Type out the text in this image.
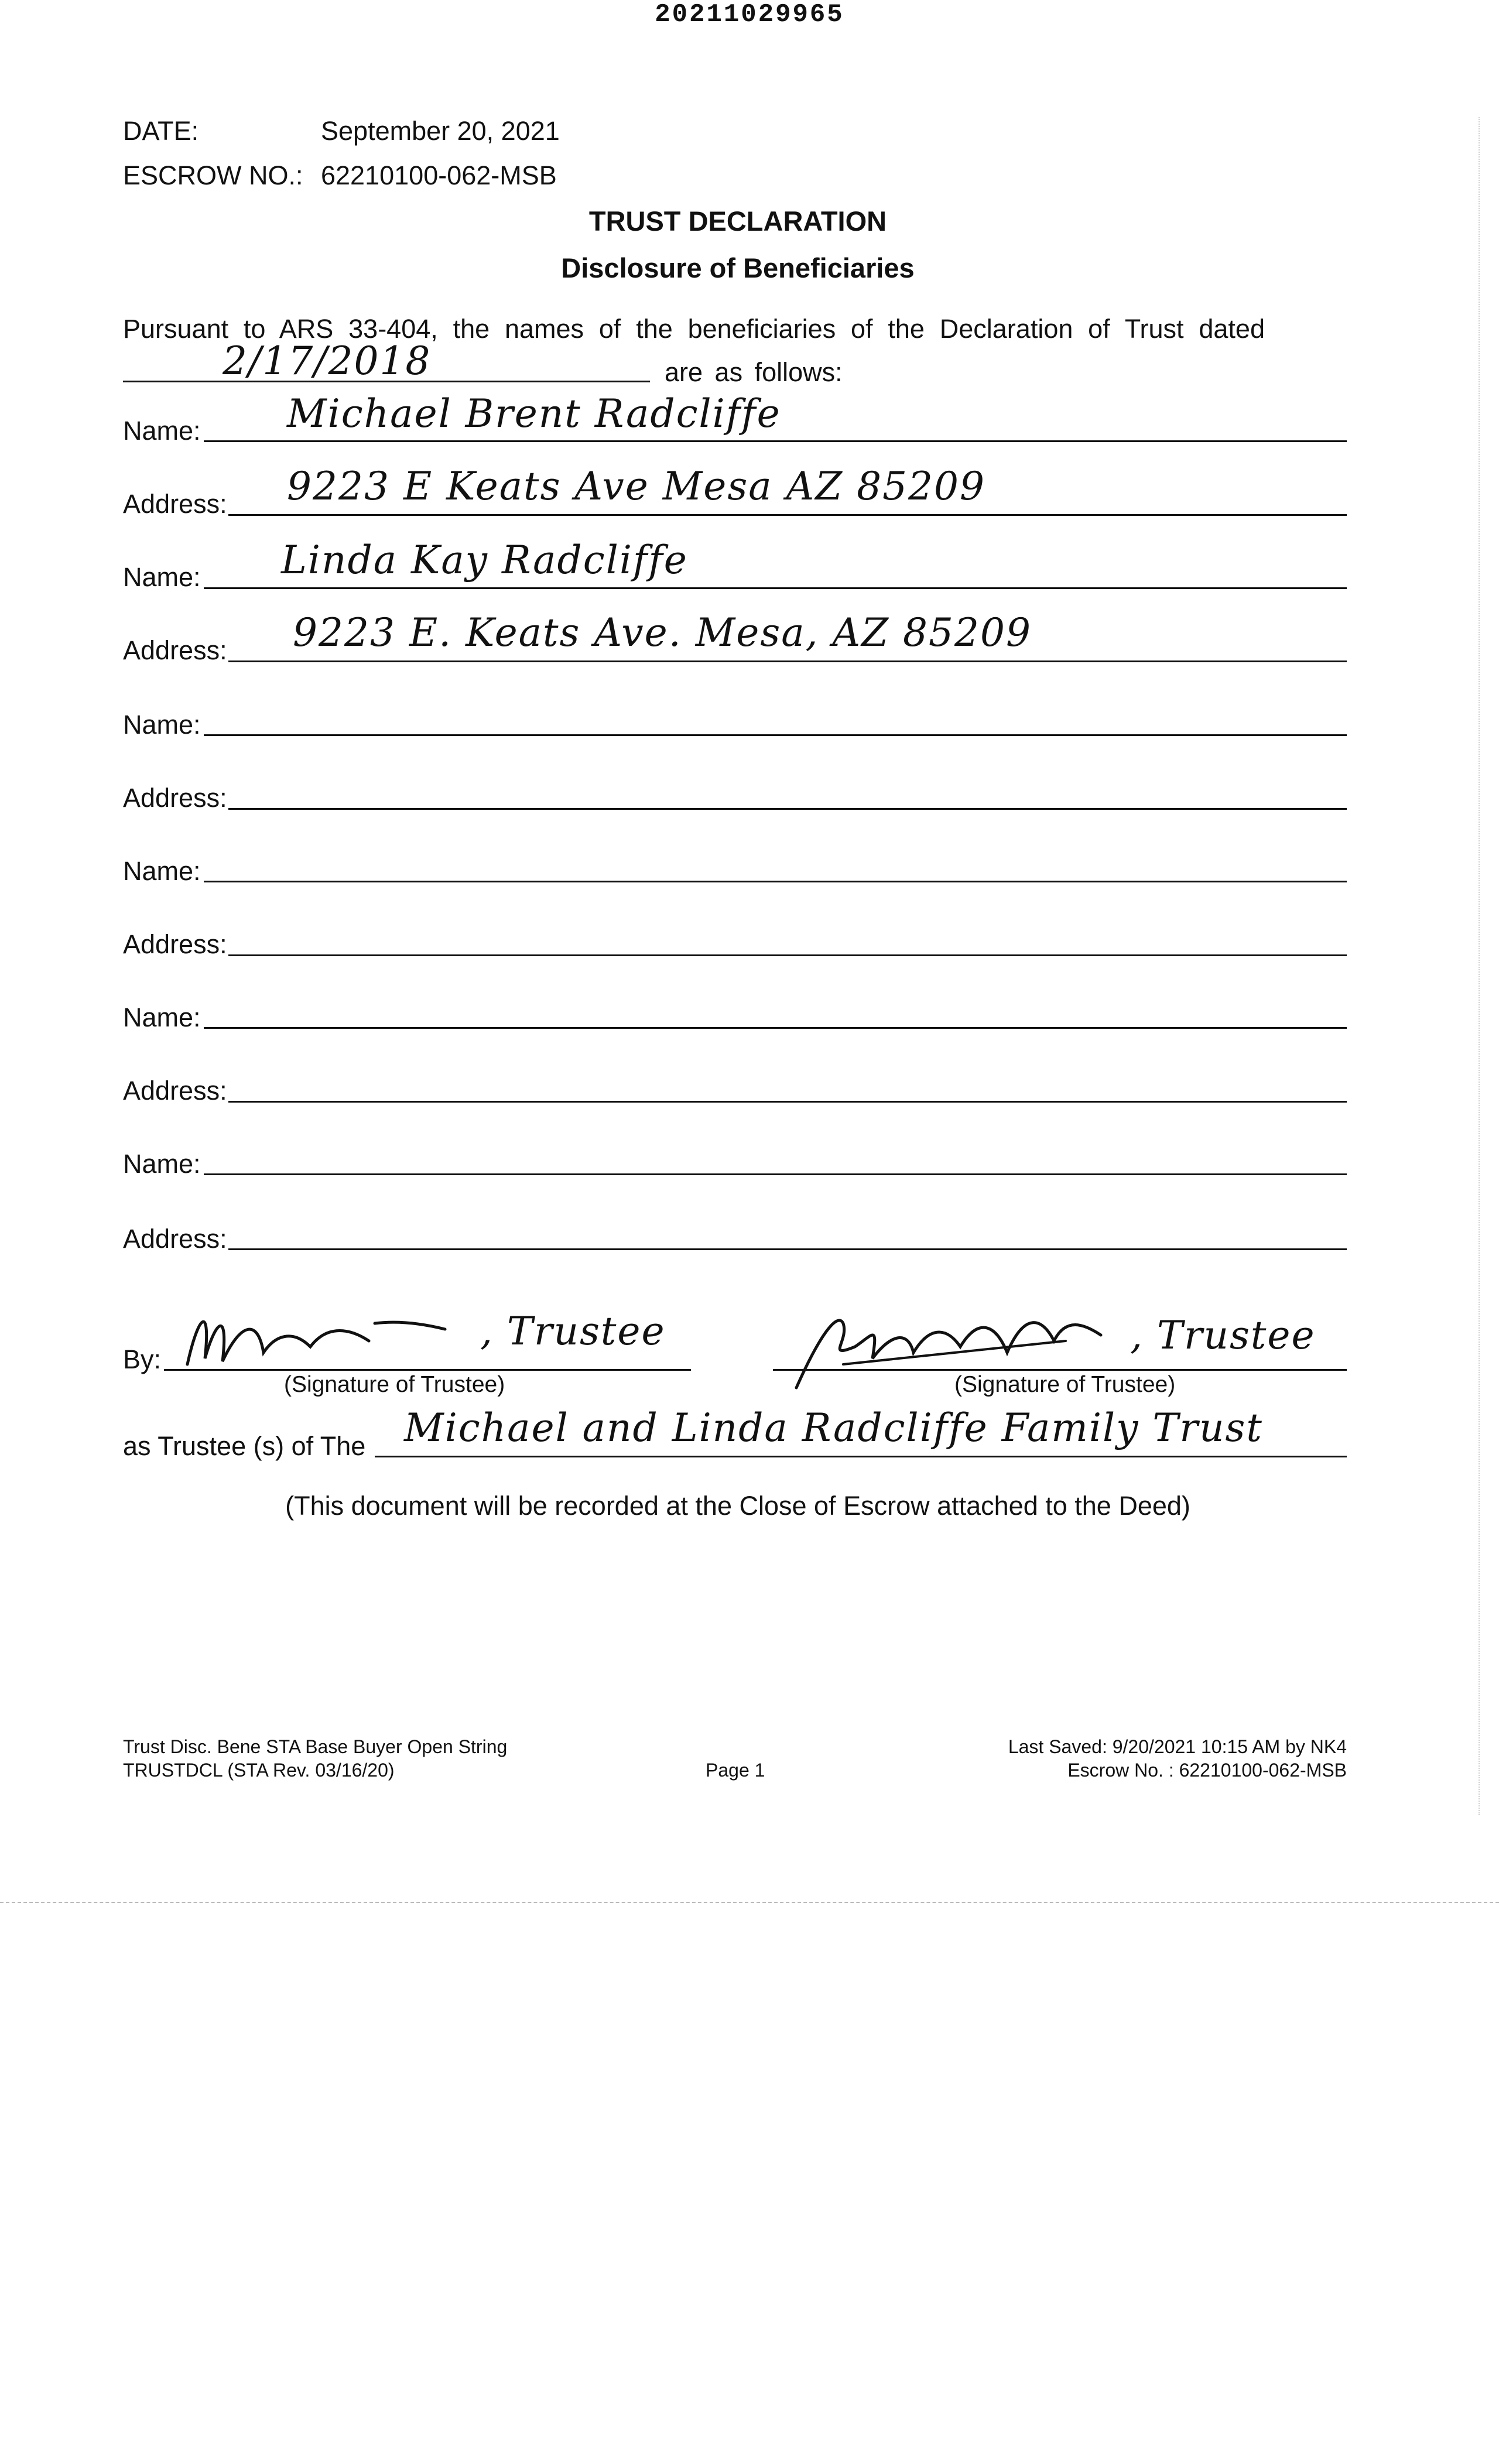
20211029965
DATE:	September 20, 2021
ESCROW NO.: 62210100-062-MSB
TRUST DECLARATION
Disclosure of Beneficiaries
Pursuant to ARS 33-404, the names of the beneficiaries of the Declaration of Trust dated
2/17/2018	are as follows:
Name: Michael Brent Radcliffe
Address: 9223 E Keats Ave Mesa AZ 85209
Name: Linda Kay Radcliffe
Address: 9223 E. Keats Ave. Mesa, AZ 85209
Name:
Address:
Name:
Address:
Name:
Address:
Name:
Address:
By:
, Trustee
(Signature of Trustee)
, Trustee
(Signature of Trustee)
as Trustee (s) of The Michael and Linda Radcliffe Family Trust
(This document will be recorded at the Close of Escrow attached to the Deed)
Trust Disc. Bene STA Base Buyer Open String
TRUSTDCL (STA Rev. 03/16/20)	Page 1
Last Saved: 9/20/2021 10:15 AM by NK4
Escrow No. : 62210100-062-MSB
